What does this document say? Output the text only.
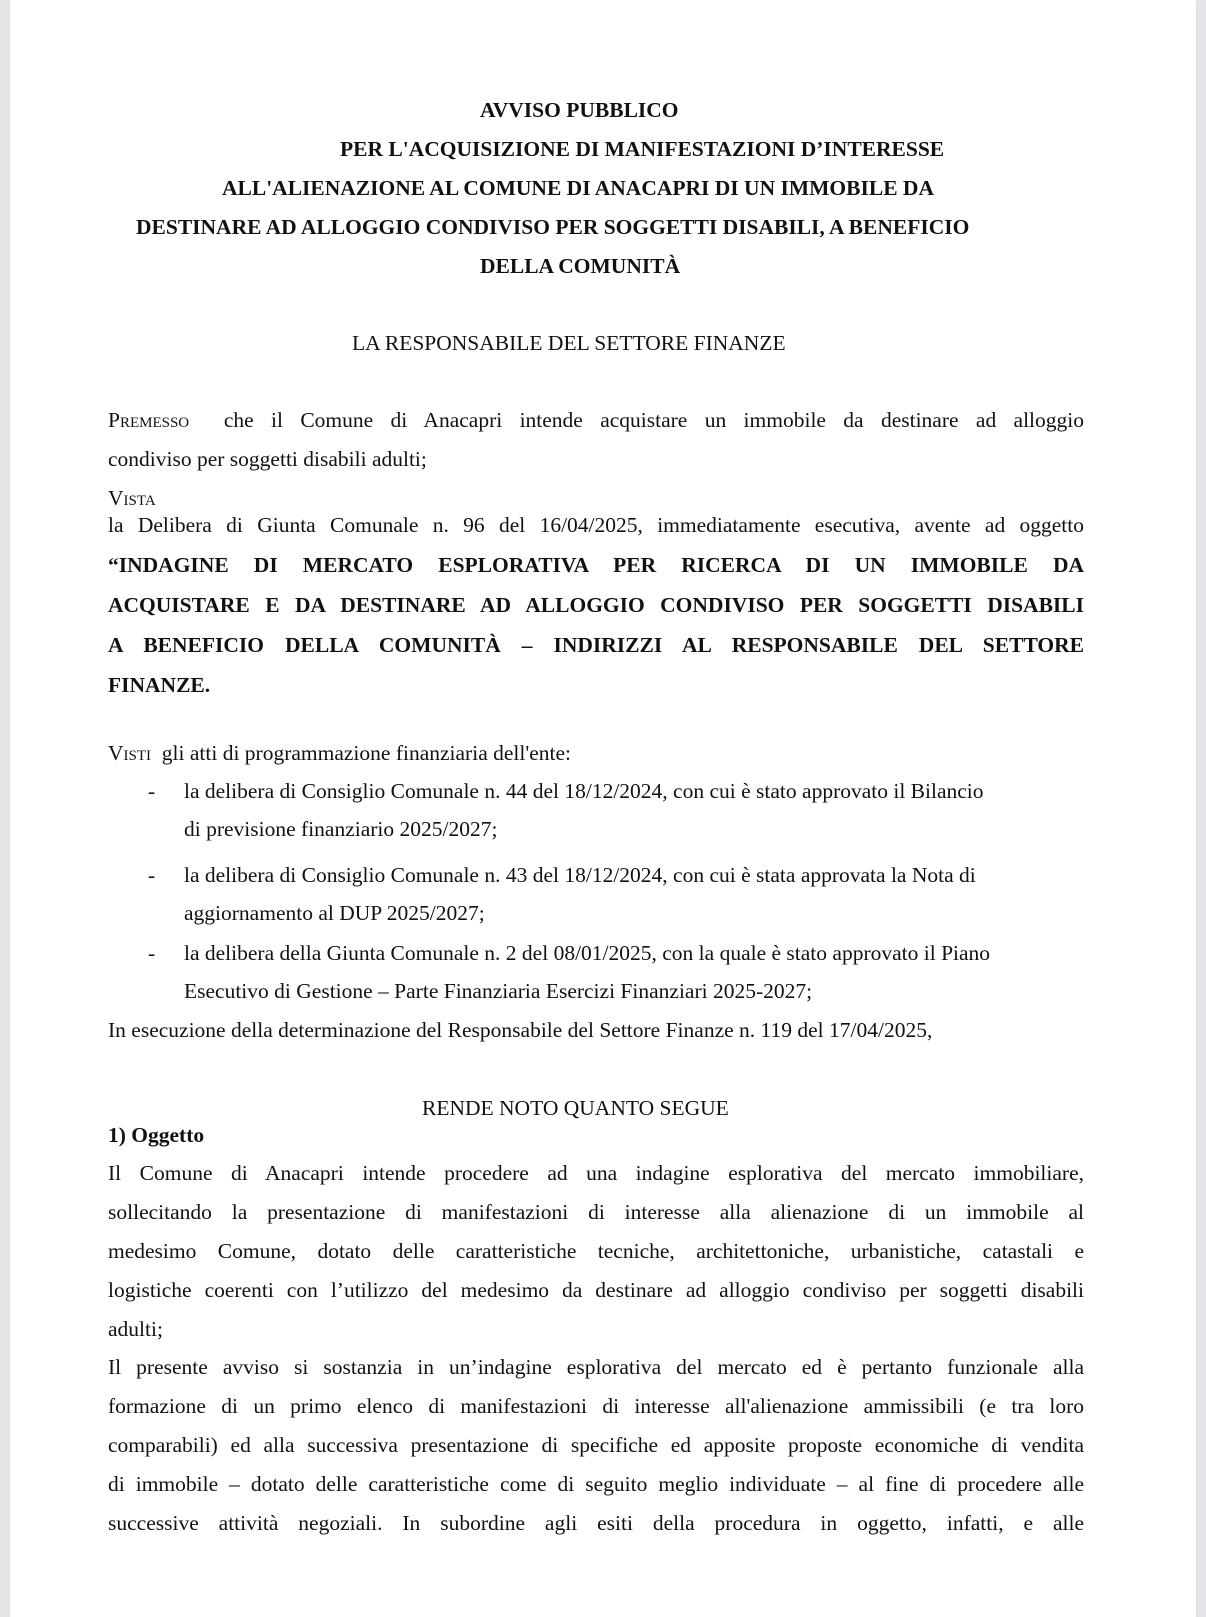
AVVISO PUBBLICO
PER L'ACQUISIZIONE DI MANIFESTAZIONI D’INTERESSE
ALL'ALIENAZIONE AL COMUNE DI ANACAPRI DI UN IMMOBILE DA
DESTINARE AD ALLOGGIO CONDIVISO PER SOGGETTI DISABILI, A BENEFICIO
DELLA COMUNITÀ
LA RESPONSABILE DEL SETTORE FINANZE
Premesso che il Comune di Anacapri intende acquistare un immobile da destinare ad alloggio
condiviso per soggetti disabili adulti;
Vista
la Delibera di Giunta Comunale n. 96 del 16/04/2025, immediatamente esecutiva, avente ad oggetto
“INDAGINE DI MERCATO ESPLORATIVA PER RICERCA DI UN IMMOBILE DA
ACQUISTARE E DA DESTINARE AD ALLOGGIO CONDIVISO PER SOGGETTI DISABILI
A BENEFICIO DELLA COMUNITÀ – INDIRIZZI AL RESPONSABILE DEL SETTORE
FINANZE.
Visti gli atti di programmazione finanziaria dell'ente:
- la delibera di Consiglio Comunale n. 44 del 18/12/2024, con cui è stato approvato il Bilancio
di previsione finanziario 2025/2027;
- la delibera di Consiglio Comunale n. 43 del 18/12/2024, con cui è stata approvata la Nota di
aggiornamento al DUP 2025/2027;
- la delibera della Giunta Comunale n. 2 del 08/01/2025, con la quale è stato approvato il Piano
Esecutivo di Gestione – Parte Finanziaria Esercizi Finanziari 2025-2027;
In esecuzione della determinazione del Responsabile del Settore Finanze n. 119 del 17/04/2025,
RENDE NOTO QUANTO SEGUE
1) Oggetto
Il Comune di Anacapri intende procedere ad una indagine esplorativa del mercato immobiliare,
sollecitando la presentazione di manifestazioni di interesse alla alienazione di un immobile al
medesimo Comune, dotato delle caratteristiche tecniche, architettoniche, urbanistiche, catastali e
logistiche coerenti con l’utilizzo del medesimo da destinare ad alloggio condiviso per soggetti disabili
adulti;
Il presente avviso si sostanzia in un’indagine esplorativa del mercato ed è pertanto funzionale alla
formazione di un primo elenco di manifestazioni di interesse all'alienazione ammissibili (e tra loro
comparabili) ed alla successiva presentazione di specifiche ed apposite proposte economiche di vendita
di immobile – dotato delle caratteristiche come di seguito meglio individuate – al fine di procedere alle
successive attività negoziali. In subordine agli esiti della procedura in oggetto, infatti, e alle
